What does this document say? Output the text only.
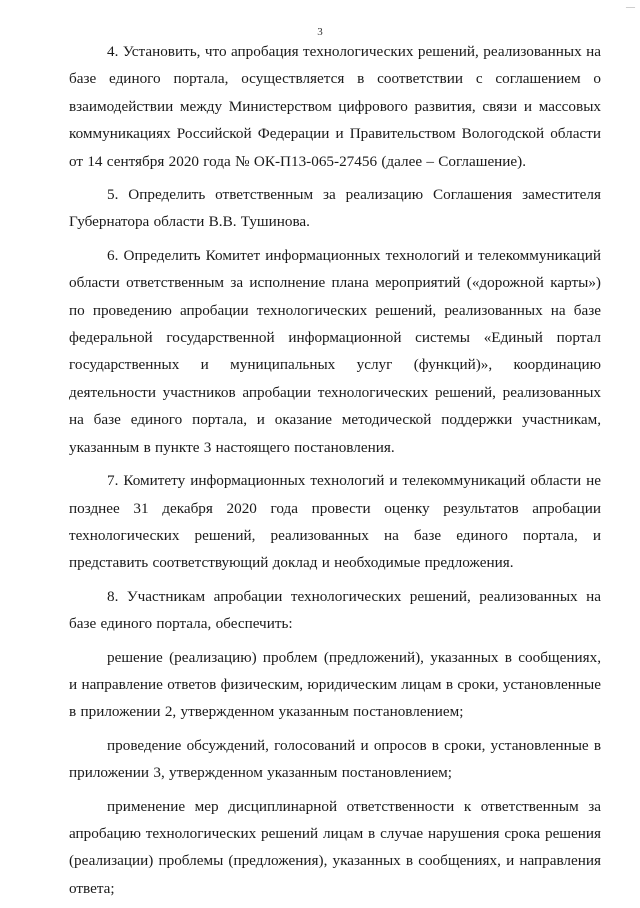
—
3

4. Установить, что апробация технологических решений, реализованных на базе единого портала, осуществляется в соответствии с соглашением о взаимодействии между Министерством цифрового развития, связи и массовых коммуникациях Российской Федерации и Правительством Вологодской области от 14 сентября 2020 года № ОК-П13-065-27456 (далее – Соглашение).

5. Определить ответственным за реализацию Соглашения заместителя Губернатора области В.В. Тушинова.

6. Определить Комитет информационных технологий и телекоммуникаций области ответственным за исполнение плана мероприятий («дорожной карты») по проведению апробации технологических решений, реализованных на базе федеральной государственной информационной системы «Единый портал государственных и муниципальных услуг (функций)», координацию деятельности участников апробации технологических решений, реализованных на базе единого портала, и оказание методической поддержки участникам, указанным в пункте 3 настоящего постановления.

7. Комитету информационных технологий и телекоммуникаций области не позднее 31 декабря 2020 года провести оценку результатов апробации технологических решений, реализованных на базе единого портала, и представить соответствующий доклад и необходимые предложения.

8. Участникам апробации технологических решений, реализованных на базе единого портала, обеспечить:

решение (реализацию) проблем (предложений), указанных в сообщениях, и направление ответов физическим, юридическим лицам в сроки, установленные в приложении 2, утвержденном указанным постановлением;

проведение обсуждений, голосований и опросов в сроки, установленные в приложении 3, утвержденном указанным постановлением;

применение мер дисциплинарной ответственности к ответственным за апробацию технологических решений лицам в случае нарушения срока решения (реализации) проблемы (предложения), указанных в сообщениях, и направления ответа;
